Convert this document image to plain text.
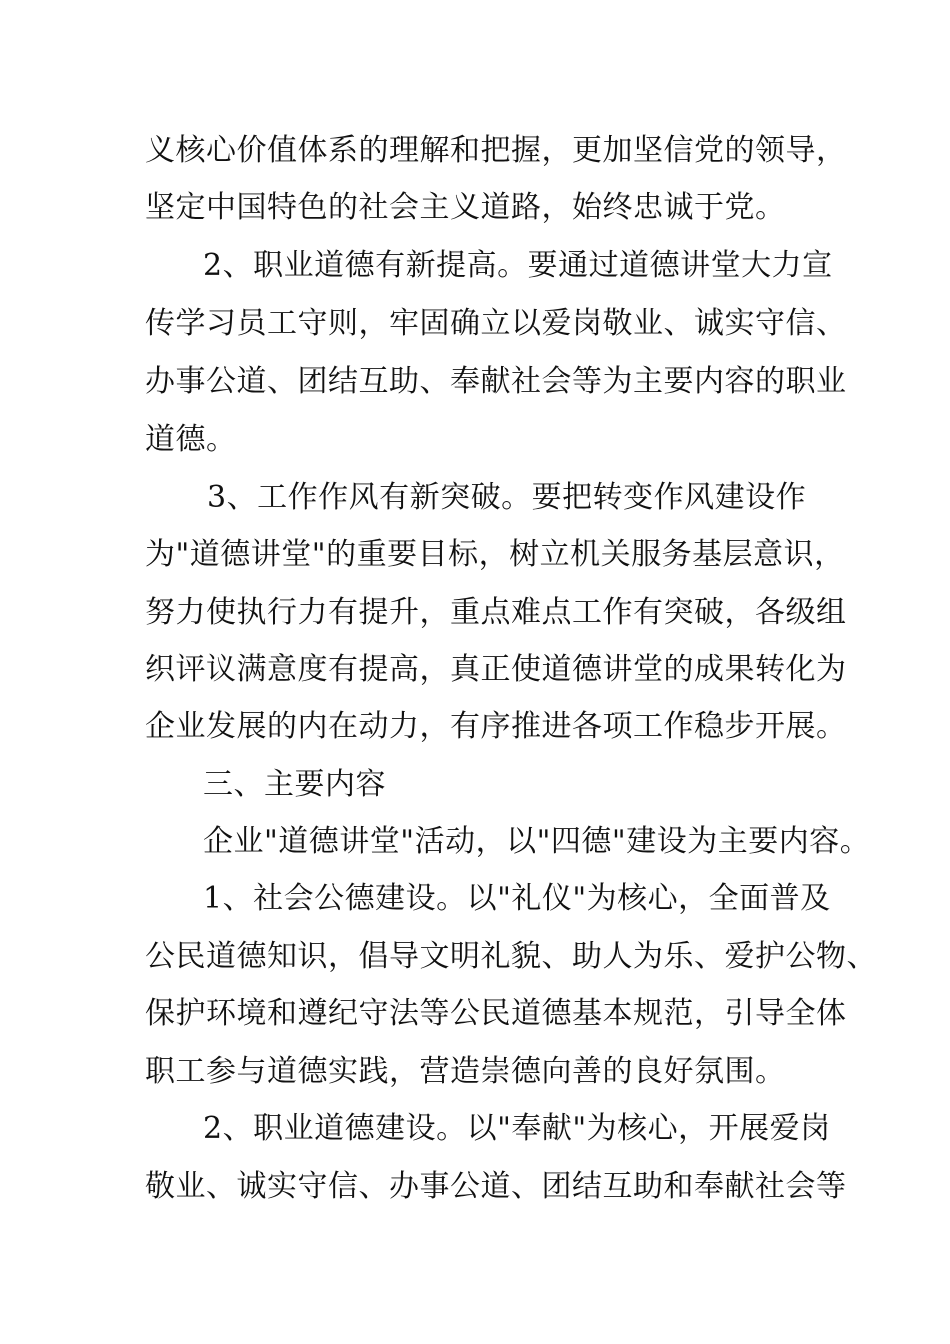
义核心价值体系的理解和把握，更加坚信党的领导，
坚定中国特色的社会主义道路，始终忠诚于党。
2、职业道德有新提高。要通过道德讲堂大力宣
传学习员工守则，牢固确立以爱岗敬业、诚实守信、
办事公道、团结互助、奉献社会等为主要内容的职业
道德。
3、工作作风有新突破。要把转变作风建设作
为"道德讲堂"的重要目标，树立机关服务基层意识，
努力使执行力有提升，重点难点工作有突破，各级组
织评议满意度有提高，真正使道德讲堂的成果转化为
企业发展的内在动力，有序推进各项工作稳步开展。
三、主要内容
企业"道德讲堂"活动，以"四德"建设为主要内容。
1、社会公德建设。以"礼仪"为核心，全面普及
公民道德知识，倡导文明礼貌、助人为乐、爱护公物、
保护环境和遵纪守法等公民道德基本规范，引导全体
职工参与道德实践，营造崇德向善的良好氛围。
2、职业道德建设。以"奉献"为核心，开展爱岗
敬业、诚实守信、办事公道、团结互助和奉献社会等
